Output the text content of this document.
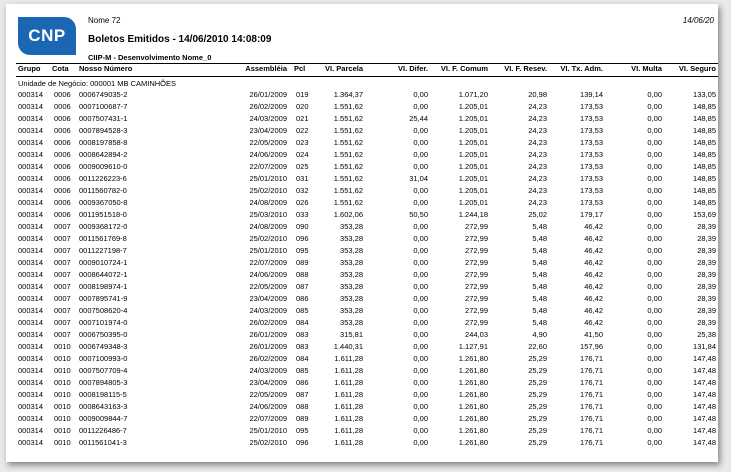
CNP
Nome 72	14/06/20
Boletos Emitidos - 14/06/2010 14:08:09
CIIP-M - Desenvolvimento Nome_0
Grupo Cota Nosso Número	Assembléia Pcl	VI. Parcela	VI. Difer. VI. F. Comum VI. F. Resev. VI. Tx. Adm.	VI. Multa VI. Seguro
Unidade de Negócio: 000001 MB CAMINHÕES
000314 0006 0006749035-2	26/01/2009 019	1.364,37	0,00	1.071,20	20,98	139,14	0,00	133,05
000314 0006 0007100687-7	26/02/2009 020	1.551,62	0,00	1.205,01	24,23	173,53	0,00	148,85
000314 0006 0007507431-1	24/03/2009 021	1.551,62	25,44	1.205,01	24,23	173,53	0,00	148,85
000314 0006 0007894528-3	23/04/2009 022	1.551,62	0,00	1.205,01	24,23	173,53	0,00	148,85
000314 0006 0008197858-8	22/05/2009 023	1.551,62	0,00	1.205,01	24,23	173,53	0,00	148,85
000314 0006 0008642894-2	24/06/2009 024	1.551,62	0,00	1.205,01	24,23	173,53	0,00	148,85
000314 0006 0009009610-0	22/07/2009 025	1.551,62	0,00	1.205,01	24,23	173,53	0,00	148,85
000314 0006 0011226223-6	25/01/2010 031	1.551,62	31,04	1.205,01	24,23	173,53	0,00	148,85
000314 0006 0011560782-0	25/02/2010 032	1.551,62	0,00	1.205,01	24,23	173,53	0,00	148,85
000314 0006 0009367050-8	24/08/2009 026	1.551,62	0,00	1.205,01	24,23	173,53	0,00	148,85
000314 0006 0011951518-0	25/03/2010 033	1.602,06	50,50	1.244,18	25,02	179,17	0,00	153,69
000314 0007 0009368172-0	24/08/2009 090	353,28	0,00	272,99	5,48	46,42	0,00	28,39
000314 0007 0011561769-8	25/02/2010 096	353,28	0,00	272,99	5,48	46,42	0,00	28,39
000314 0007 0011227198-7	25/01/2010 095	353,28	0,00	272,99	5,48	46,42	0,00	28,39
000314 0007 0009010724-1	22/07/2009 089	353,28	0,00	272,99	5,48	46,42	0,00	28,39
000314 0007 0008644072-1	24/06/2009 088	353,28	0,00	272,99	5,48	46,42	0,00	28,39
000314 0007 0008198974-1	22/05/2009 087	353,28	0,00	272,99	5,48	46,42	0,00	28,39
000314 0007 0007895741-9	23/04/2009 086	353,28	0,00	272,99	5,48	46,42	0,00	28,39
000314 0007 0007508620-4	24/03/2009 085	353,28	0,00	272,99	5,48	46,42	0,00	28,39
000314 0007 0007101974-0	26/02/2009 084	353,28	0,00	272,99	5,48	46,42	0,00	28,39
000314 0007 0006750395-0	26/01/2009 083	315,81	0,00	244,03	4,90	41,50	0,00	25,38
000314 0010 0006749348-3	26/01/2009 083	1.440,31	0,00	1.127,91	22,60	157,96	0,00	131,84
000314 0010 0007100993-0	26/02/2009 084	1.611,28	0,00	1.261,80	25,29	176,71	0,00	147,48
000314 0010 0007507709-4	24/03/2009 085	1.611,28	0,00	1.261,80	25,29	176,71	0,00	147,48
000314 0010 0007894805-3	23/04/2009 086	1.611,28	0,00	1.261,80	25,29	176,71	0,00	147,48
000314 0010 0008198115-5	22/05/2009 087	1.611,28	0,00	1.261,80	25,29	176,71	0,00	147,48
000314 0010 0008643163-3	24/06/2009 088	1.611,28	0,00	1.261,80	25,29	176,71	0,00	147,48
000314 0010 0009009844-7	22/07/2009 089	1.611,28	0,00	1.261,80	25,29	176,71	0,00	147,48
000314 0010 0011226486-7	25/01/2010 095	1.611,28	0,00	1.261,80	25,29	176,71	0,00	147,48
000314 0010 0011561041-3	25/02/2010 096	1.611,28	0,00	1.261,80	25,29	176,71	0,00	147,48
